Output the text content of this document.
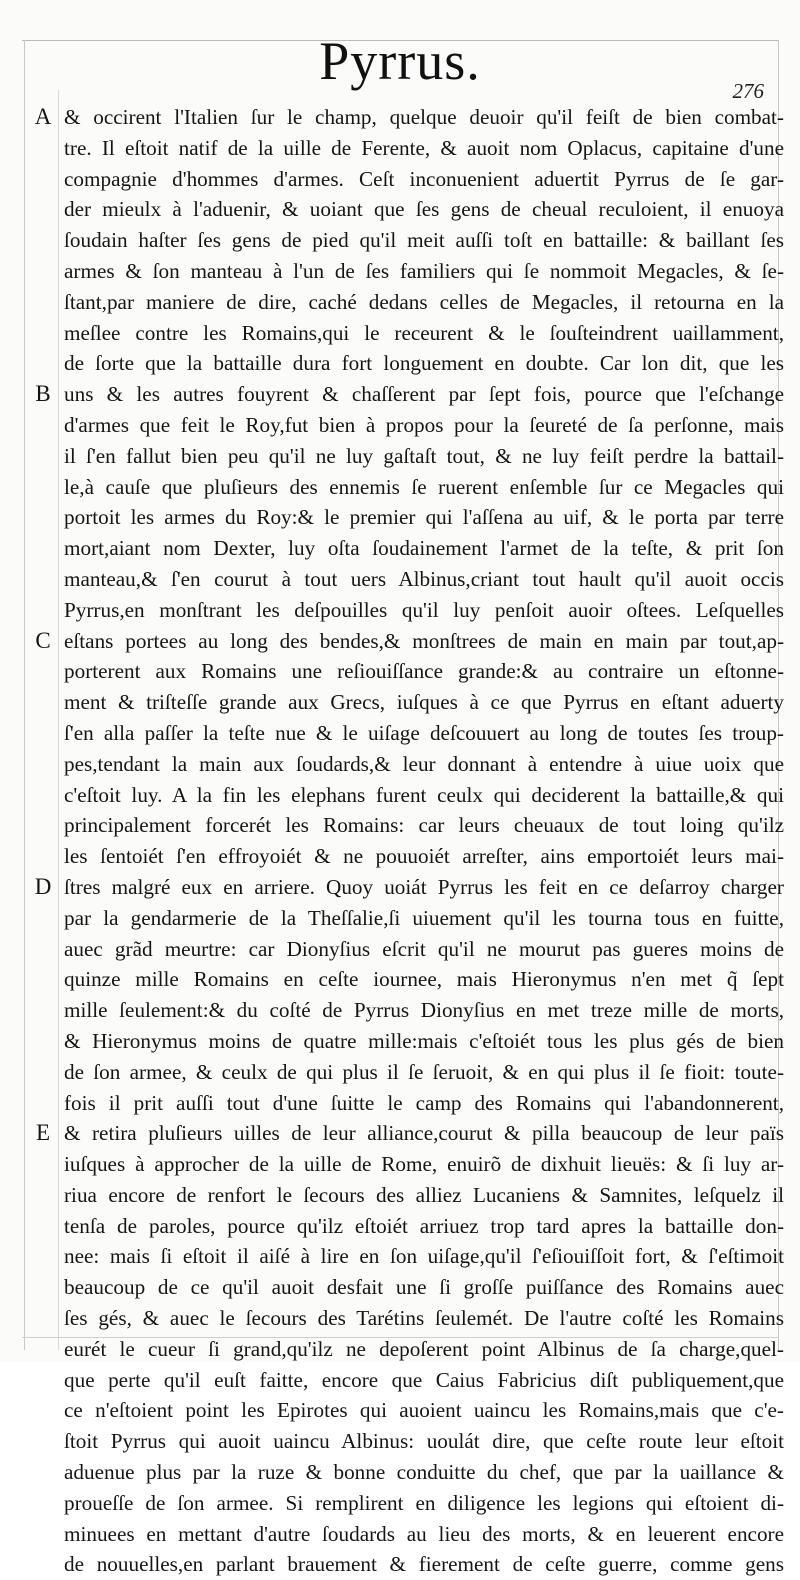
Pyrrus.	276
A
B
C
D
E
& occirent l'Italien ſur le champ, quelque deuoir qu'il feiſt de bien combat-
tre. Il eſtoit natif de la uille de Ferente, & auoit nom Oplacus, capitaine d'une
compagnie d'hommes d'armes. Ceſt inconuenient aduertit Pyrrus de ſe gar-
der mieulx à l'aduenir, & uoiant que ſes gens de cheual reculoient, il enuoya
ſoudain haſter ſes gens de pied qu'il meit auſſi toſt en battaille: & baillant ſes
armes & ſon manteau à l'un de ſes familiers qui ſe nommoit Megacles, & ſe-
ſtant,par maniere de dire, caché dedans celles de Megacles, il retourna en la
meſlee contre les Romains,qui le receurent & le ſouſteindrent uaillamment,
de ſorte que la battaille dura fort longuement en doubte. Car lon dit, que les
uns & les autres fouyrent & chaſſerent par ſept fois, pource que l'eſchange
d'armes que feit le Roy,fut bien à propos pour la ſeureté de ſa perſonne, mais
il ſ'en fallut bien peu qu'il ne luy gaſtaſt tout, & ne luy feiſt perdre la battail-
le,à cauſe que pluſieurs des ennemis ſe ruerent enſemble ſur ce Megacles qui
portoit les armes du Roy:& le premier qui l'aſſena au uif, & le porta par terre
mort,aiant nom Dexter, luy oſta ſoudainement l'armet de la teſte, & prit ſon
manteau,& ſ'en courut à tout uers Albinus,criant tout hault qu'il auoit occis
Pyrrus,en monſtrant les deſpouilles qu'il luy penſoit auoir oſtees. Leſquelles
eſtans portees au long des bendes,& monſtrees de main en main par tout,ap-
porterent aux Romains une reſiouiſſance grande:& au contraire un eſtonne-
ment & triſteſſe grande aux Grecs, iuſques à ce que Pyrrus en eſtant aduerty
ſ'en alla paſſer la teſte nue & le uiſage deſcouuert au long de toutes ſes troup-
pes,tendant la main aux ſoudards,& leur donnant à entendre à uiue uoix que
c'eſtoit luy. A la fin les elephans furent ceulx qui deciderent la battaille,& qui
principalement forcerét les Romains: car leurs cheuaux de tout loing qu'ilz
les ſentoiét ſ'en effroyoiét & ne pouuoiét arreſter, ains emportoiét leurs mai-
ſtres malgré eux en arriere. Quoy uoiát Pyrrus les feit en ce deſarroy charger
par la gendarmerie de la Theſſalie,ſi uiuement qu'il les tourna tous en fuitte,
auec grãd meurtre: car Dionyſius eſcrit qu'il ne mourut pas gueres moins de
quinze mille Romains en ceſte iournee, mais Hieronymus n'en met q̃ ſept
mille ſeulement:& du coſté de Pyrrus Dionyſius en met treze mille de morts,
& Hieronymus moins de quatre mille:mais c'eſtoiét tous les plus gés de bien
de ſon armee, & ceulx de qui plus il ſe ſeruoit, & en qui plus il ſe fioit: toute-
fois il prit auſſi tout d'une ſuitte le camp des Romains qui l'abandonnerent,
& retira pluſieurs uilles de leur alliance,courut & pilla beaucoup de leur païs
iuſques à approcher de la uille de Rome, enuirõ de dixhuit lieuës: & ſi luy ar-
riua encore de renfort le ſecours des alliez Lucaniens & Samnites, leſquelz il
tenſa de paroles, pource qu'ilz eſtoiét arriuez trop tard apres la battaille don-
nee: mais ſi eſtoit il aiſé à lire en ſon uiſage,qu'il ſ'eſiouiſſoit fort, & ſ'eſtimoit
beaucoup de ce qu'il auoit desfait une ſi groſſe puiſſance des Romains auec
ſes gés, & auec le ſecours des Tarétins ſeulemét. De l'autre coſté les Romains
eurét le cueur ſi grand,qu'ilz ne depoſerent point Albinus de ſa charge,quel-
que perte qu'il euſt faitte, encore que Caius Fabricius diſt publiquement,que
ce n'eſtoient point les Epirotes qui auoient uaincu les Romains,mais que c'e-
ſtoit Pyrrus qui auoit uaincu Albinus: uoulát dire, que ceſte route leur eſtoit
aduenue plus par la ruze & bonne conduitte du chef, que par la uaillance &
proueſſe de ſon armee. Si remplirent en diligence les legions qui eſtoient di-
minuees en mettant d'autre ſoudards au lieu des morts, & en leuerent encore
de nouuelles,en parlant brauement & fierement de ceſte guerre, comme gens
